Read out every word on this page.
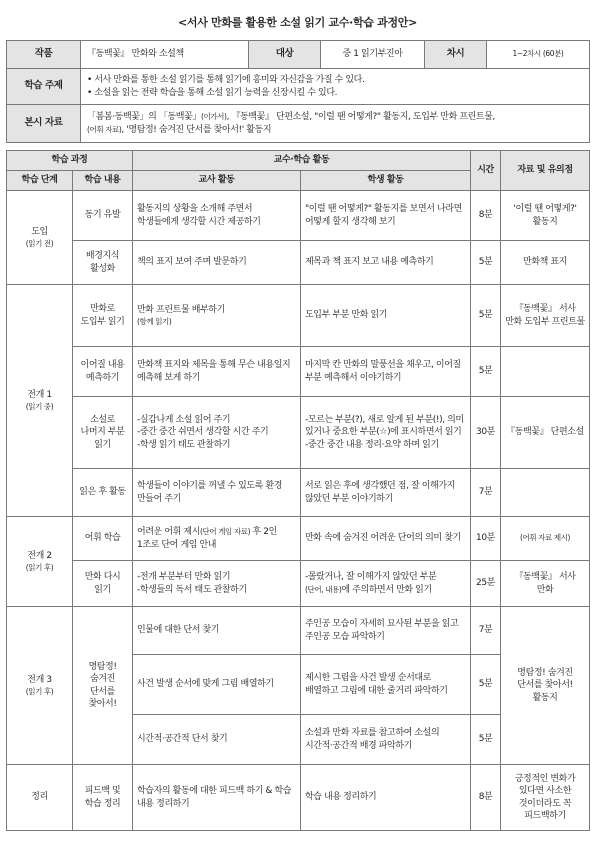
<서사 만화를 활용한 소설 읽기 교수·학습 과정안>
작품	『동백꽃』 만화와 소설책	대상	중 1 읽기부진아	차시	1~2차시 (60분)
학습 주제	• 서사 만화를 통한 소설 읽기를 통해 읽기에 흥미와 자신감을 가질 수 있다.
• 소설을 읽는 전략 학습을 통해 소설 읽기 능력을 신장시킬 수 있다.				

본시 자료	「봄봄·동백꽃」의 「동백꽃」(이가서), 『동백꽃』 단편소설, "이럴 땐 어떻게?" 활동지, 도입부 만화 프린트물,
(어휘 자료), '명탐정! 숨겨진 단서를 찾아서!' 활동지				
학습 과정		교수·학습 활동		시간	자료 및 유의점
학습 단계	학습 내용	교사 활동	학생 활동		
도입
(읽기 전)	동기 유발	활동지의 상황을 소개해 주면서 학생들에게 생각할 시간 제공하기	"이럴 땐 어떻게?" 활동지를 보면서 나라면 어떻게 할지 생각해 보기	8분	'이럴 땐 어떻게?' 활동지
	배경지식 활성화	책의 표지 보여 주며 발문하기	제목과 책 표지 보고 내용 예측하기	5분	만화책 표지
전개 1
(읽기 중)	만화로 도입부 읽기	만화 프린트물 배부하기
(함께 읽기)	도입부 부분 만화 읽기	5분	『동백꽃』 서사 만화 도입부 프린트물
	이어질 내용 예측하기	만화책 표지와 제목을 통해 무슨 내용일지 예측해 보게 하기	마지막 칸 만화의 말풍선을 채우고, 이어질 부분 예측해서 이야기하기	5분	
	소설로 나머지 부분 읽기	-실감나게 소설 읽어 주기
-중간 중간 쉬면서 생각할 시간 주기
-학생 읽기 태도 관찰하기	-모르는 부분(?), 새로 알게 된 부분(!), 의미 있거나 중요한 부분(☆)에 표시하면서 읽기
-중간 중간 내용 정리·요약 하며 읽기	30분	『동백꽃』 단편소설
	읽은 후 활동	학생들이 이야기를 꺼낼 수 있도록 환경 만들어 주기	서로 읽은 후에 생각했던 점, 잘 이해가지 않았던 부분 이야기하기	7분	
전개 2
(읽기 후)	어휘 학습	어려운 어휘 제시(단어 게임 자료) 후 2인 1조로 단어 게임 안내	만화 속에 숨겨진 어려운 단어의 의미 찾기	10분	(어휘 자료 제시)
	만화 다시 읽기	-전개 부분부터 만화 읽기
-학생들의 독서 태도 관찰하기	-몰랐거나, 잘 이해가지 않았던 부분
(단어, 내용)에 주의하면서 만화 읽기	25분	『동백꽃』 서사 만화
전개 3
(읽기 후)	명탐정! 숨겨진 단서를 찾아서!	인물에 대한 단서 찾기	주인공 모습이 자세히 묘사된 부분을 읽고 주인공 모습 파악하기	7분	명탐정! 숨겨진 단서를 찾아서! 활동지
		사건 발생 순서에 맞게 그림 배열하기	제시한 그림을 사건 발생 순서대로 배열하고 그림에 대한 줄거리 파악하기	5분	
		시간적·공간적 단서 찾기	소설과 만화 자료를 참고하여 소설의 시간적·공간적 배경 파악하기	5분	
정리	피드백 및 학습 정리	학습자의 활동에 대한 피드백 하기 & 학습 내용 정리하기	학습 내용 정리하기	8분	긍정적인 변화가 있다면 사소한 것이더라도 꼭 피드백하기
